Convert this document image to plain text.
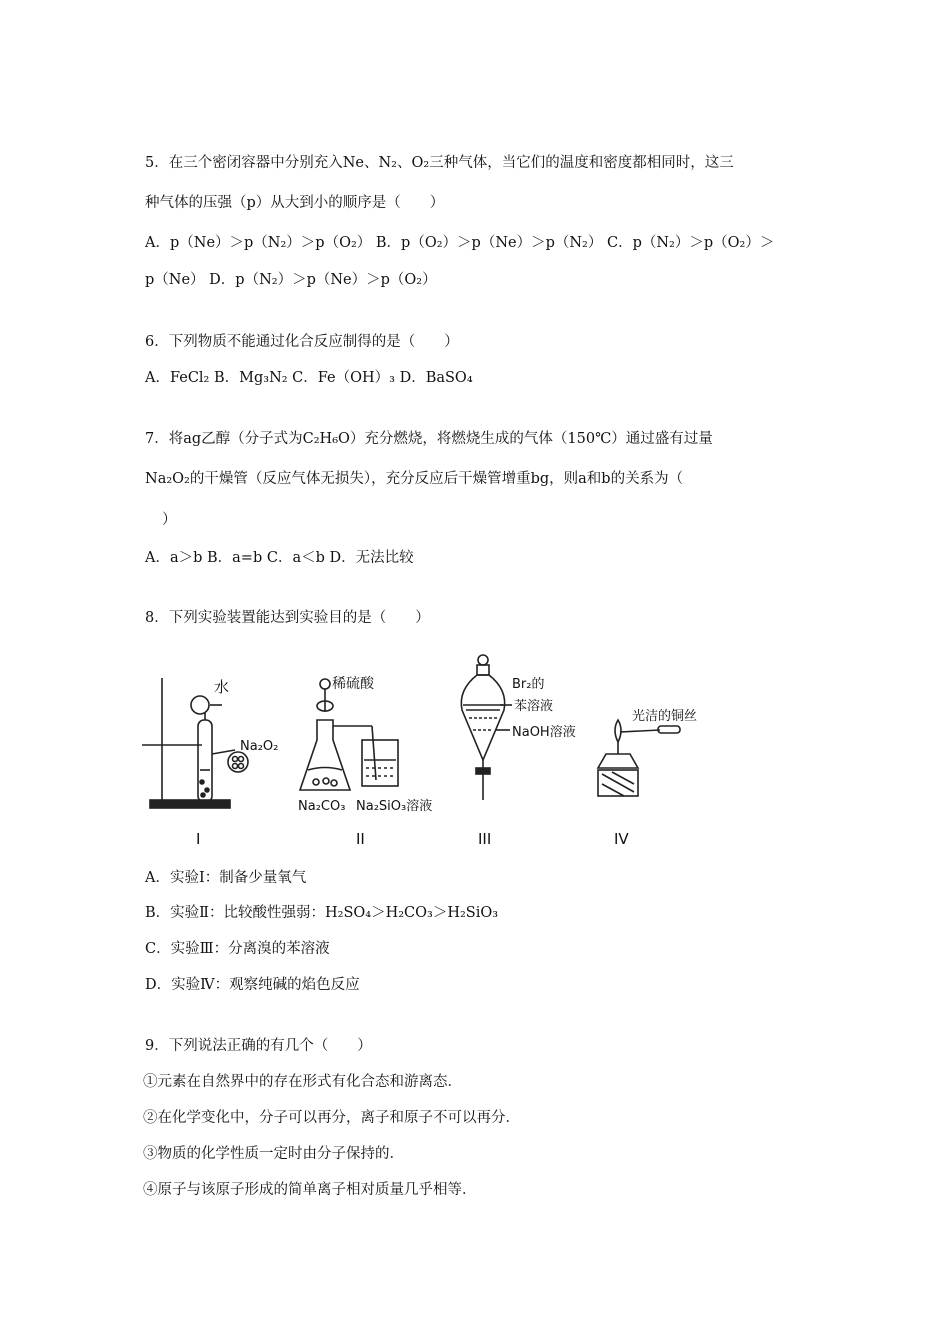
5．在三个密闭容器中分别充入Ne、N₂、O₂三种气体，当它们的温度和密度都相同时，这三
种气体的压强（p）从大到小的顺序是（　　）
A．p（Ne）＞p（N₂）＞p（O₂） B．p（O₂）＞p（Ne）＞p（N₂） C．p（N₂）＞p（O₂）＞
p（Ne） D．p（N₂）＞p（Ne）＞p（O₂）
6．下列物质不能通过化合反应制得的是（　　）
A．FeCl₂ B．Mg₃N₂ C．Fe（OH）₃ D．BaSO₄
7．将ag乙醇（分子式为C₂H₆O）充分燃烧，将燃烧生成的气体（150℃）通过盛有过量
Na₂O₂的干燥管（反应气体无损失），充分反应后干燥管增重bg，则a和b的关系为（
）
A．a＞b B．a=b C．a＜b D．无法比较
8．下列实验装置能达到实验目的是（　　）
水
Na₂O₂
稀硫酸
Na₂CO₃ Na₂SiO₃溶液
Br₂的
苯溶液
NaOH溶液
光洁的铜丝
I	II	III	IV
A．实验Ⅰ：制备少量氧气
B．实验Ⅱ：比较酸性强弱：H₂SO₄＞H₂CO₃＞H₂SiO₃
C．实验Ⅲ：分离溴的苯溶液
D．实验Ⅳ：观察纯碱的焰色反应
9．下列说法正确的有几个（　　）
①元素在自然界中的存在形式有化合态和游离态．
②在化学变化中，分子可以再分，离子和原子不可以再分．
③物质的化学性质一定时由分子保持的．
④原子与该原子形成的简单离子相对质量几乎相等．
